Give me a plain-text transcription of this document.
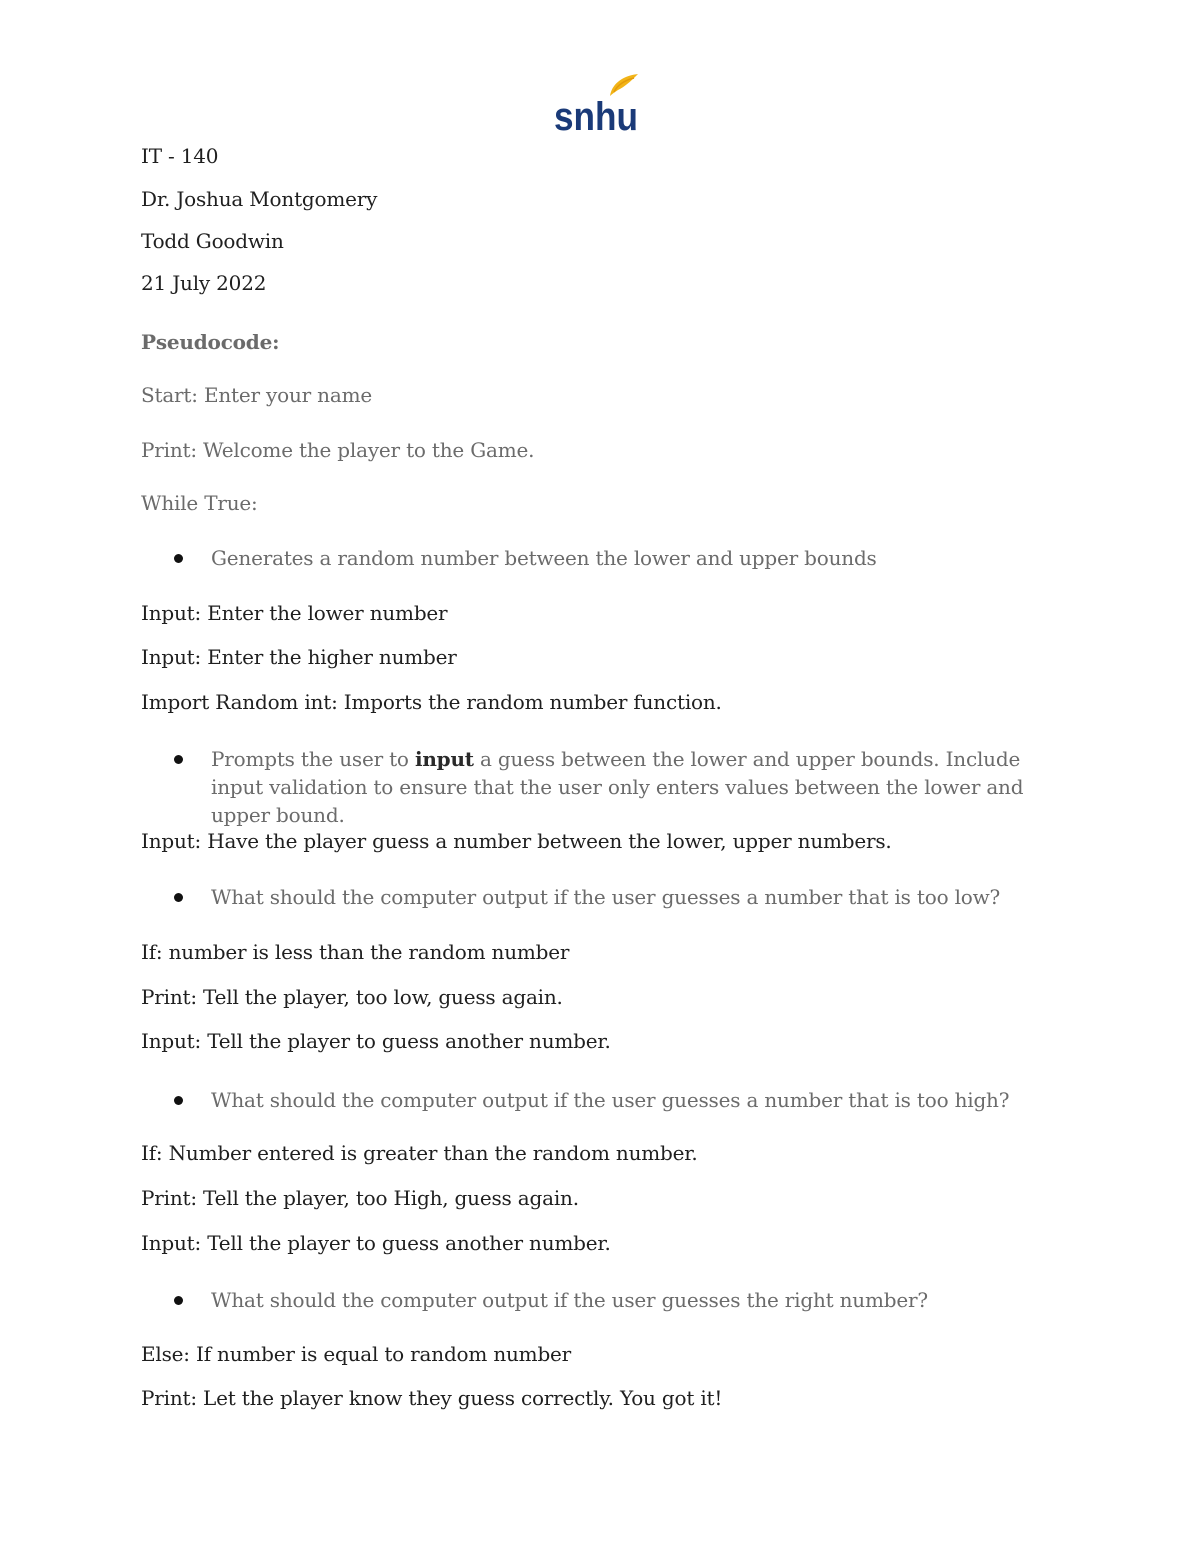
snhu
IT - 140
Dr. Joshua Montgomery
Todd Goodwin
21 July 2022
Pseudocode:
Start: Enter your name
Print: Welcome the player to the Game.
While True:
Generates a random number between the lower and upper bounds
Input: Enter the lower number
Input: Enter the higher number
Import Random int: Imports the random number function.
Prompts the user to input a guess between the lower and upper bounds. Include input validation to ensure that the user only enters values between the lower and upper bound.
Input: Have the player guess a number between the lower, upper numbers.
What should the computer output if the user guesses a number that is too low?
If: number is less than the random number
Print: Tell the player, too low, guess again.
Input: Tell the player to guess another number.
What should the computer output if the user guesses a number that is too high?
If: Number entered is greater than the random number.
Print: Tell the player, too High, guess again.
Input: Tell the player to guess another number.
What should the computer output if the user guesses the right number?
Else: If number is equal to random number
Print: Let the player know they guess correctly. You got it!
